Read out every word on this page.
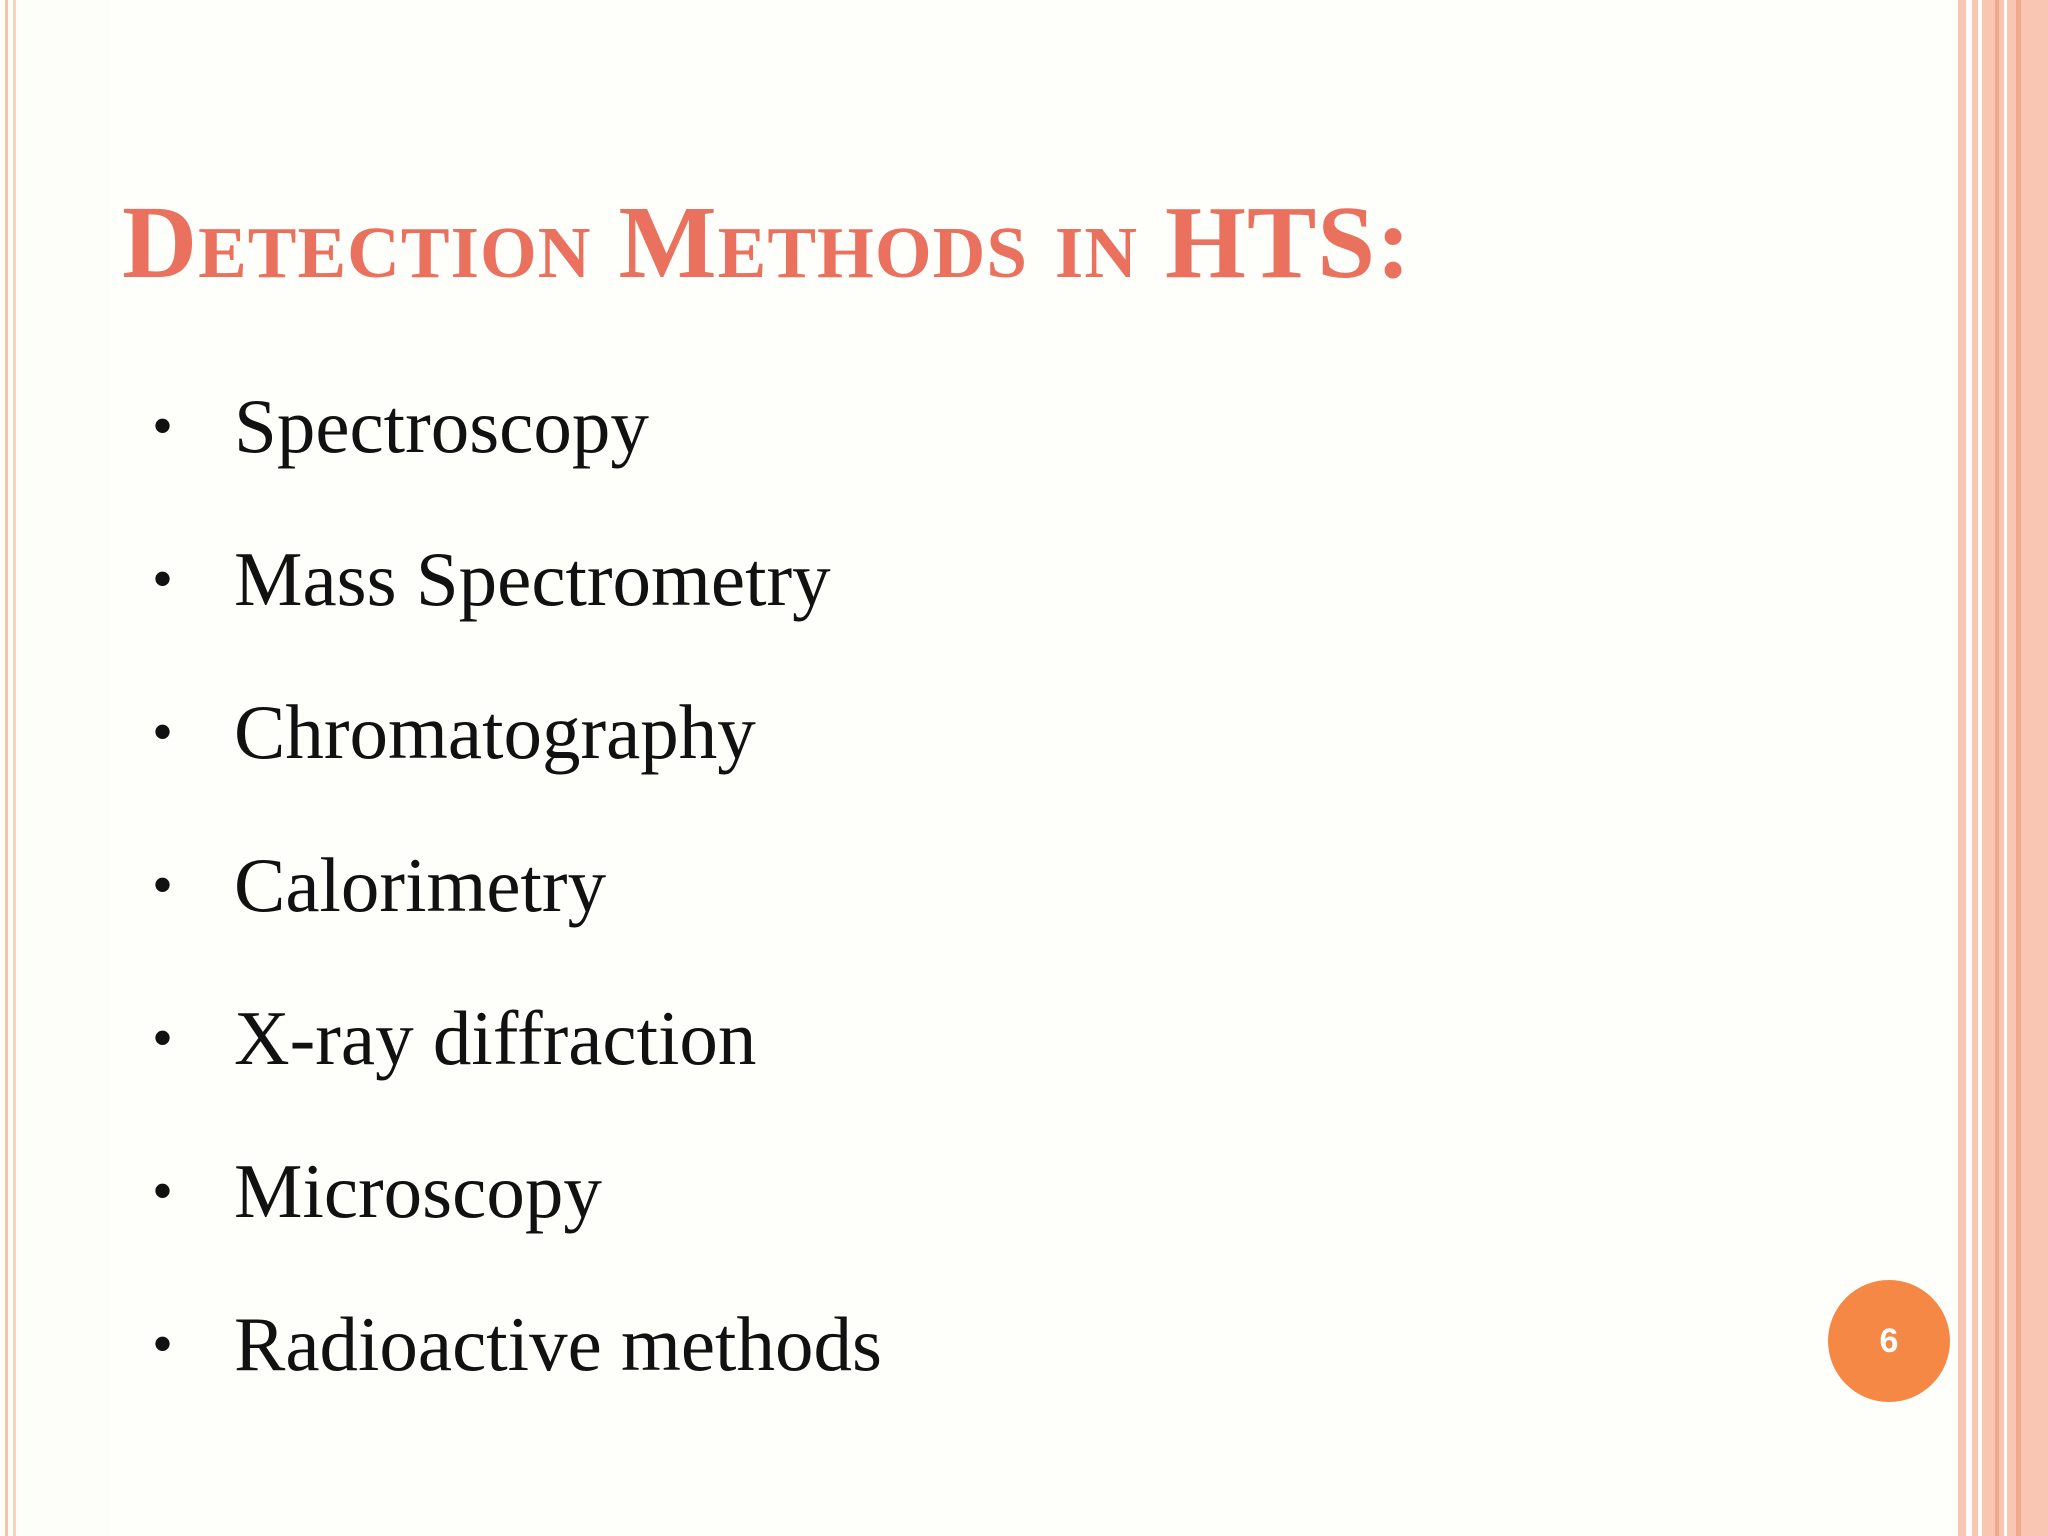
Detection Methods in HTS:
• Spectroscopy
• Mass Spectrometry
• Chromatography
• Calorimetry
• X-ray diffraction
• Microscopy
• Radioactive methods	6
